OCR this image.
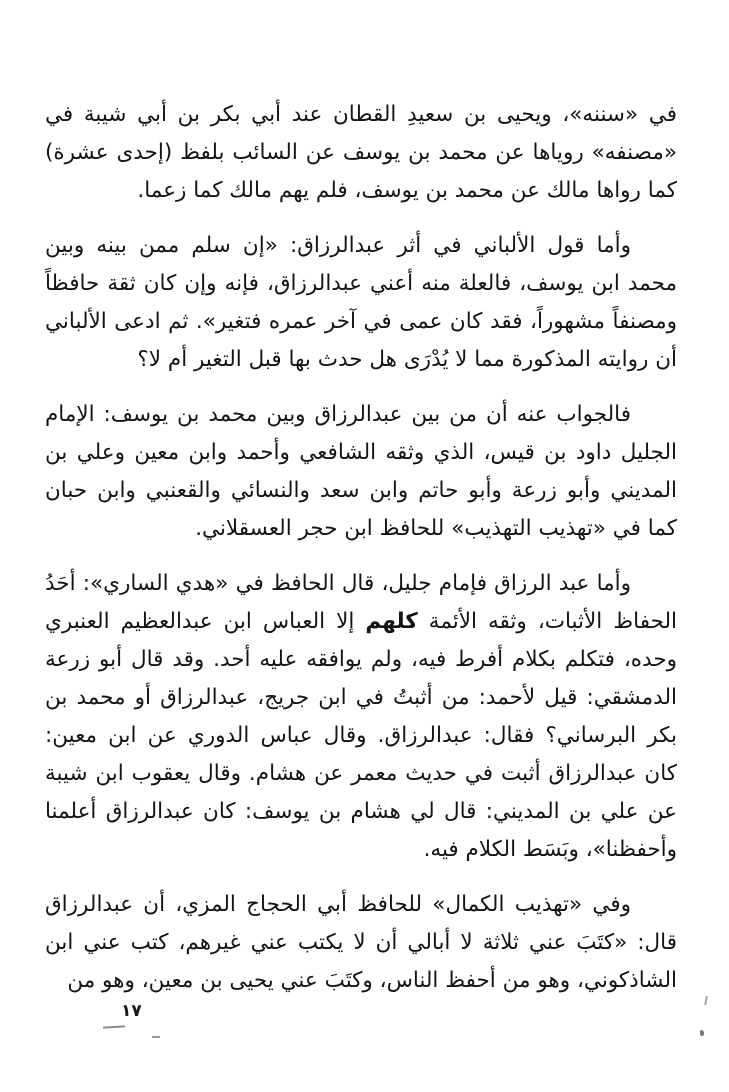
في «سننه»، ويحيى بن سعيدِ القطان عند أبي بكر بن أبي شيبة في «مصنفه» روياها عن محمد بن يوسف عن السائب بلفظ (إحدى عشرة) كما رواها مالك عن محمد بن يوسف، فلم يهم مالك كما زعما.

وأما قول الألباني في أثر عبدالرزاق: «إن سلم ممن بينه وبين محمد ابن يوسف، فالعلة منه أعني عبدالرزاق، فإنه وإن كان ثقة حافظاً ومصنفاً مشهوراً، فقد كان عمى في آخر عمره فتغير». ثم ادعى الألباني أن روايته المذكورة مما لا يُدْرَى هل حدث بها قبل التغير أم لا؟

فالجواب عنه أن من بين عبدالرزاق وبين محمد بن يوسف: الإمام الجليل داود بن قيس، الذي وثقه الشافعي وأحمد وابن معين وعلي بن المديني وأبو زرعة وأبو حاتم وابن سعد والنسائي والقعنبي وابن حبان كما في «تهذيب التهذيب» للحافظ ابن حجر العسقلاني.

وأما عبد الرزاق فإمام جليل، قال الحافظ في «هدي الساري»: أحَدُ الحفاظ الأثبات، وثقه الأئمة كلهم إلا العباس ابن عبدالعظيم العنبري وحده، فتكلم بكلام أفرط فيه، ولم يوافقه عليه أحد. وقد قال أبو زرعة الدمشقي: قيل لأحمد: من أثبتُ في ابن جريج، عبدالرزاق أو محمد بن بكر البرساني؟ فقال: عبدالرزاق. وقال عباس الدوري عن ابن معين: كان عبدالرزاق أثبت في حديث معمر عن هشام. وقال يعقوب ابن شيبة عن علي بن المديني: قال لي هشام بن يوسف: كان عبدالرزاق أعلمنا وأحفظنا»، وبَسَط الكلام فيه.

وفي «تهذيب الكمال» للحافظ أبي الحجاج المزي، أن عبدالرزاق قال: «كتَبَ عني ثلاثة لا أبالي أن لا يكتب عني غيرهم، كتب عني ابن الشاذكوني، وهو من أحفظ الناس، وكتَبَ عني يحيى بن معين، وهو من

١٧
